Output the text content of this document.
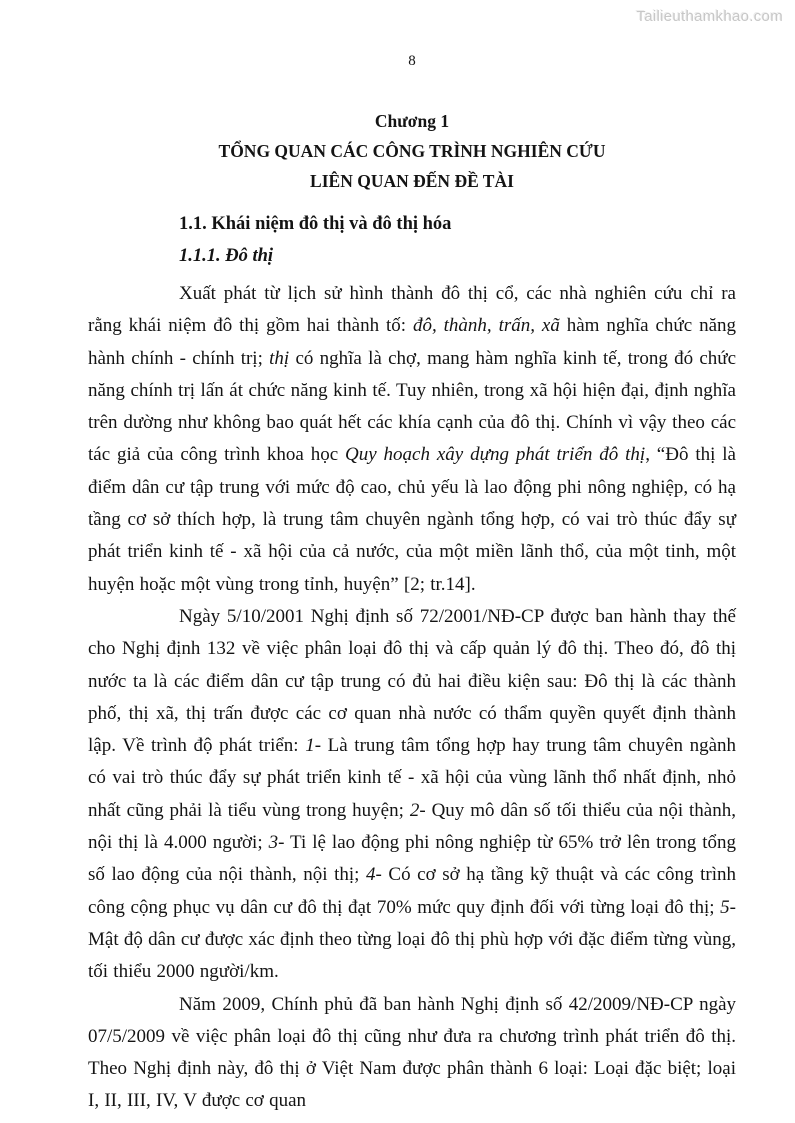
Tailieuthamkhao.com
8
Chương 1
TỔNG QUAN CÁC CÔNG TRÌNH NGHIÊN CỨU
LIÊN QUAN ĐẾN ĐỀ TÀI
1.1. Khái niệm đô thị và đô thị hóa
1.1.1. Đô thị

Xuất phát từ lịch sử hình thành đô thị cổ, các nhà nghiên cứu chỉ ra rằng khái niệm đô thị gồm hai thành tố: đô, thành, trấn, xã hàm nghĩa chức năng hành chính - chính trị; thị có nghĩa là chợ, mang hàm nghĩa kinh tế, trong đó chức năng chính trị lấn át chức năng kinh tế. Tuy nhiên, trong xã hội hiện đại, định nghĩa trên dường như không bao quát hết các khía cạnh của đô thị. Chính vì vậy theo các tác giả của công trình khoa học Quy hoạch xây dựng phát triển đô thị, “Đô thị là điểm dân cư tập trung với mức độ cao, chủ yếu là lao động phi nông nghiệp, có hạ tầng cơ sở thích hợp, là trung tâm chuyên ngành tổng hợp, có vai trò thúc đẩy sự phát triển kinh tế - xã hội của cả nước, của một miền lãnh thổ, của một tinh, một huyện hoặc một vùng trong tỉnh, huyện” [2; tr.14].

Ngày 5/10/2001 Nghị định số 72/2001/NĐ-CP được ban hành thay thế cho Nghị định 132 về việc phân loại đô thị và cấp quản lý đô thị. Theo đó, đô thị nước ta là các điểm dân cư tập trung có đủ hai điều kiện sau: Đô thị là các thành phố, thị xã, thị trấn được các cơ quan nhà nước có thẩm quyền quyết định thành lập. Về trình độ phát triển: 1- Là trung tâm tổng hợp hay trung tâm chuyên ngành có vai trò thúc đẩy sự phát triển kinh tế - xã hội của vùng lãnh thổ nhất định, nhỏ nhất cũng phải là tiểu vùng trong huyện; 2- Quy mô dân số tối thiểu của nội thành, nội thị là 4.000 người; 3- Ti lệ lao động phi nông nghiệp từ 65% trở lên trong tổng số lao động của nội thành, nội thị; 4- Có cơ sở hạ tầng kỹ thuật và các công trình công cộng phục vụ dân cư đô thị đạt 70% mức quy định đối với từng loại đô thị; 5- Mật độ dân cư được xác định theo từng loại đô thị phù hợp với đặc điểm từng vùng, tối thiểu 2000 người/km.

Năm 2009, Chính phủ đã ban hành Nghị định số 42/2009/NĐ-CP ngày 07/5/2009 về việc phân loại đô thị cũng như đưa ra chương trình phát triển đô thị. Theo Nghị định này, đô thị ở Việt Nam được phân thành 6 loại: Loại đặc biệt; loại I, II, III, IV, V được cơ quan
